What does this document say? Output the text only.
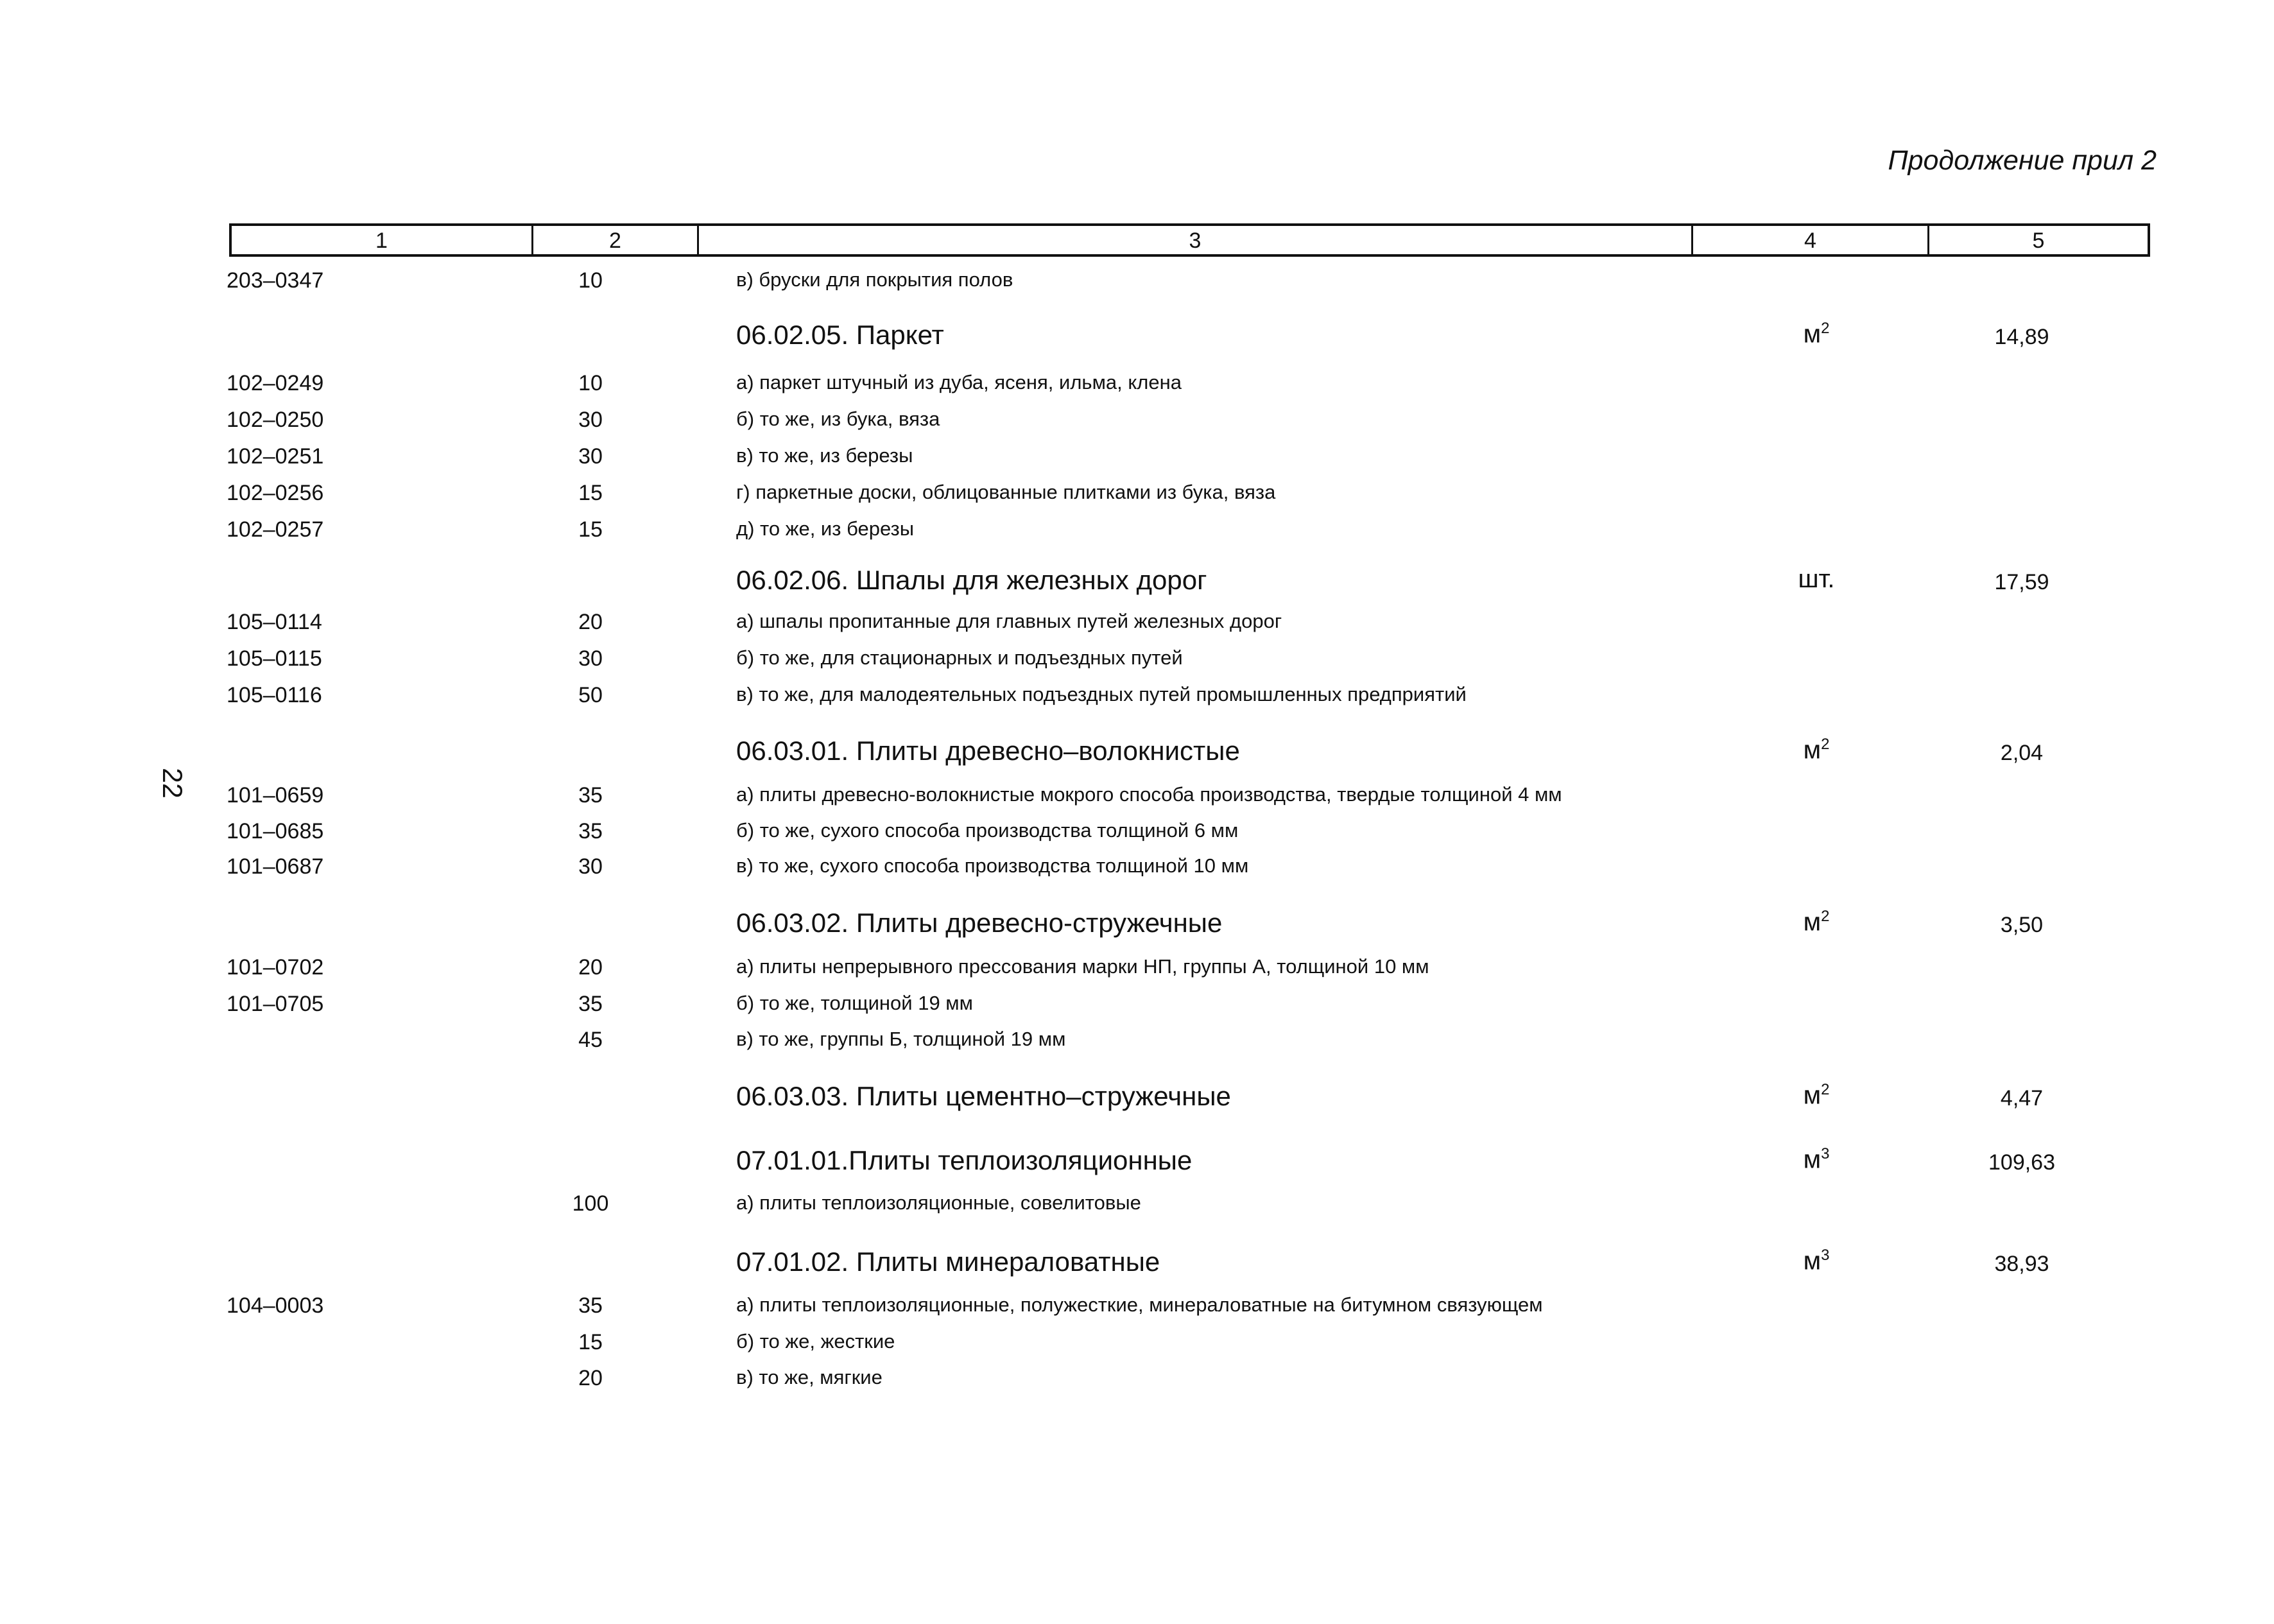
Продолжение прил 2
22
1	2	3	4	5
203–0347	10	в) бруски для покрытия полов
06.02.05. Паркет	$м^2$	14,89
102–0249	10	а) паркет штучный из дуба, ясеня, ильма, клена
102–0250	30	б) то же, из бука, вяза
102–0251	30	в) то же, из березы
102–0256	15	г) паркетные доски, облицованные плитками из бука, вяза
102–0257	15	д) то же, из березы
06.02.06. Шпалы для железных дорог	шт.	17,59
105–0114	20	а) шпалы пропитанные для главных путей железных дорог
105–0115	30	б) то же, для стационарных и подъездных путей
105–0116	50	в) то же, для малодеятельных подъездных путей промышленных предприятий
06.03.01. Плиты древесно–волокнистые	$м^2$	2,04
101–0659	35	а) плиты древесно-волокнистые мокрого способа производства, твердые толщиной 4 мм
101–0685	35	б) то же, сухого способа производства толщиной 6 мм
101–0687	30	в) то же, сухого способа производства толщиной 10 мм
06.03.02. Плиты древесно-стружечные	$м^2$	3,50
101–0702	20	а) плиты непрерывного прессования марки НП, группы А, толщиной 10 мм
101–0705	35	б) то же, толщиной 19 мм
45	в) то же, группы Б, толщиной 19 мм
06.03.03. Плиты цементно–стружечные	$м^2$	4,47
07.01.01.Плиты теплоизоляционные	$м^3$	109,63
100	а) плиты теплоизоляционные, совелитовые
07.01.02. Плиты минераловатные	$м^3$	38,93
104–0003	35	а) плиты теплоизоляционные, полужесткие, минераловатные на битумном связующем
15	б) то же, жесткие
20	в) то же, мягкие
